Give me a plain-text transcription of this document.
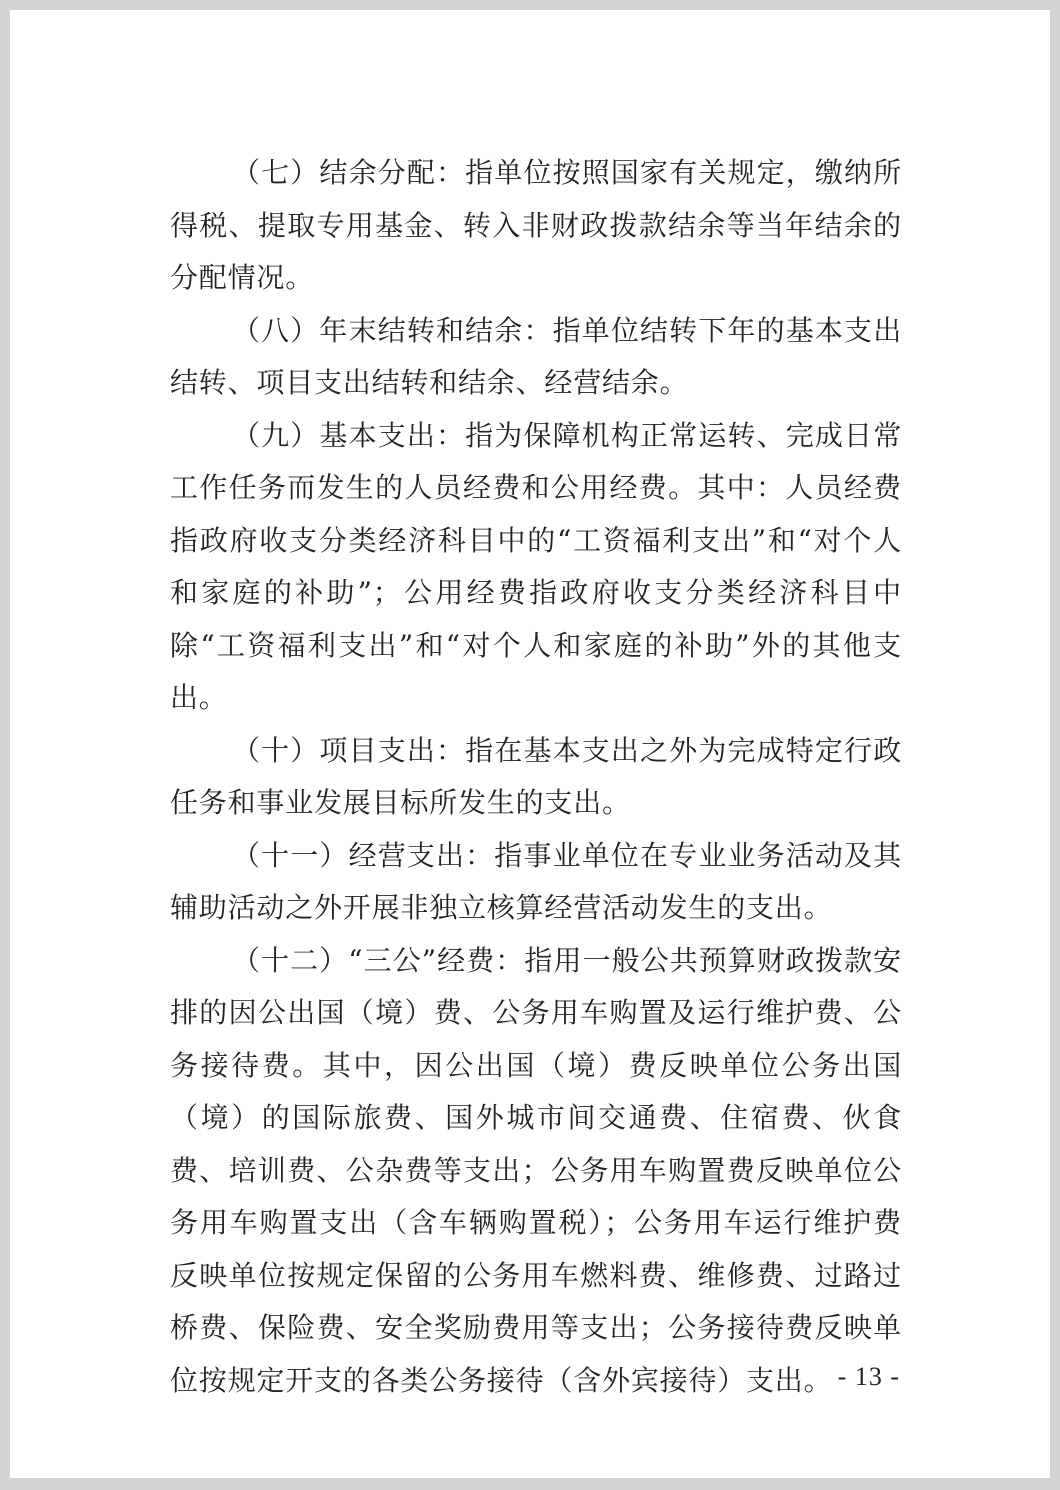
（七）结余分配：指单位按照国家有关规定，缴纳所得税、提取专用基金、转入非财政拨款结余等当年结余的分配情况。

（八）年末结转和结余：指单位结转下年的基本支出结转、项目支出结转和结余、经营结余。

（九）基本支出：指为保障机构正常运转、完成日常工作任务而发生的人员经费和公用经费。其中：人员经费指政府收支分类经济科目中的“工资福利支出”和“对个人和家庭的补助”；公用经费指政府收支分类经济科目中除“工资福利支出”和“对个人和家庭的补助”外的其他支出。

（十）项目支出：指在基本支出之外为完成特定行政任务和事业发展目标所发生的支出。

（十一）经营支出：指事业单位在专业业务活动及其辅助活动之外开展非独立核算经营活动发生的支出。

（十二）“三公”经费：指用一般公共预算财政拨款安排的因公出国（境）费、公务用车购置及运行维护费、公务接待费。其中，因公出国（境）费反映单位公务出国（境）的国际旅费、国外城市间交通费、住宿费、伙食费、培训费、公杂费等支出；公务用车购置费反映单位公务用车购置支出（含车辆购置税）；公务用车运行维护费反映单位按规定保留的公务用车燃料费、维修费、过路过桥费、保险费、安全奖励费用等支出；公务接待费反映单位按规定开支的各类公务接待（含外宾接待）支出。 - 13 -
